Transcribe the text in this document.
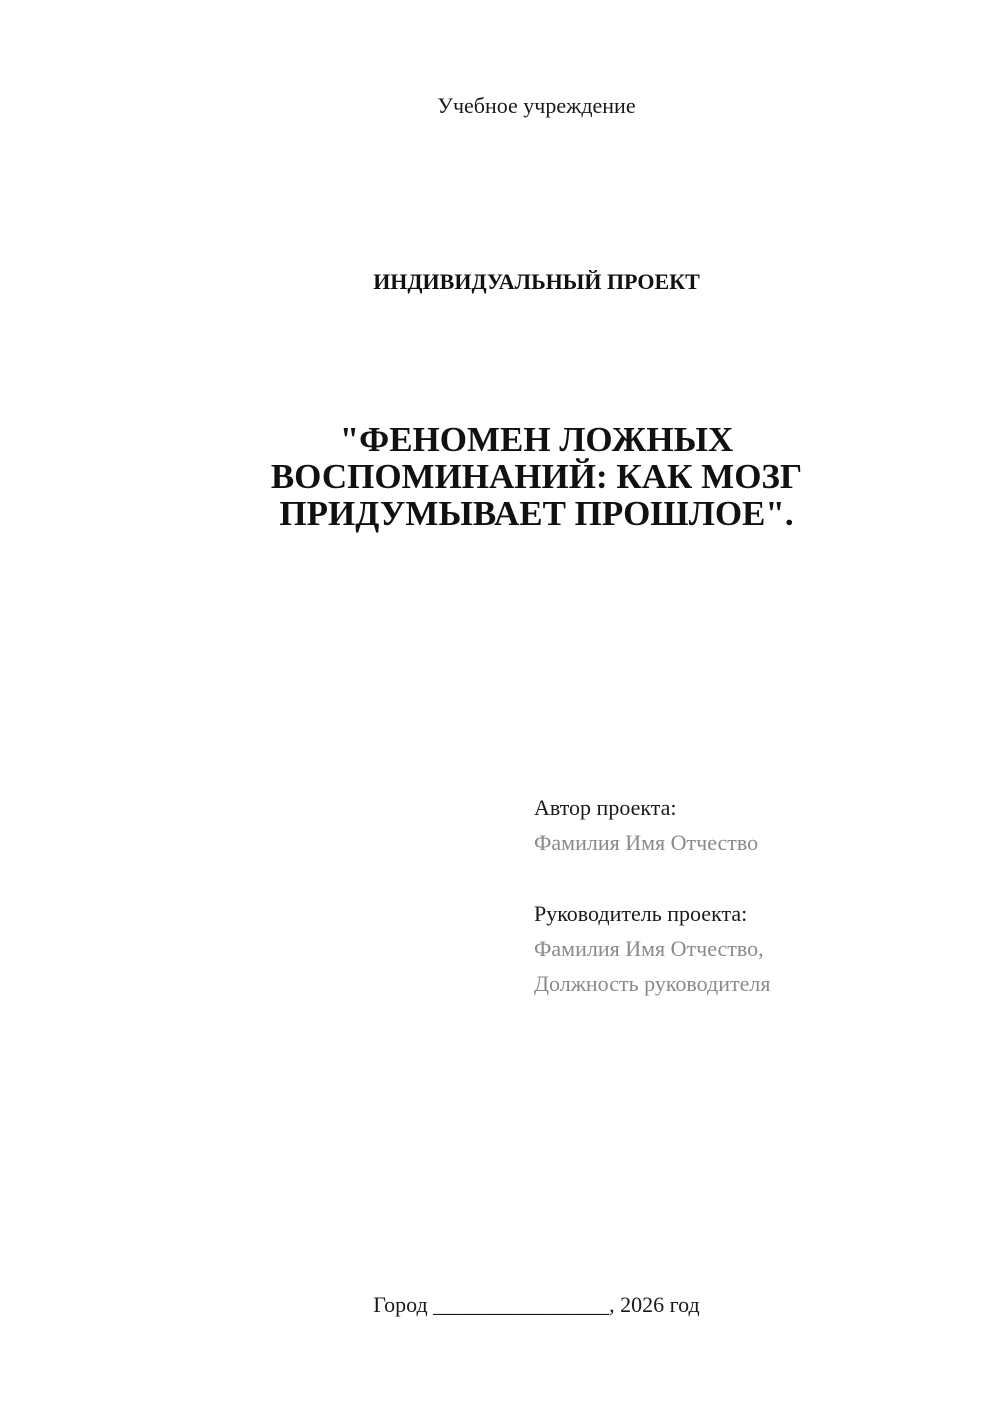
Учебное учреждение
ИНДИВИДУАЛЬНЫЙ ПРОЕКТ
"ФЕНОМЕН ЛОЖНЫХ
ВОСПОМИНАНИЙ: КАК МОЗГ
ПРИДУМЫВАЕТ ПРОШЛОЕ".
Автор проекта:
Фамилия Имя Отчество
Руководитель проекта:
Фамилия Имя Отчество,
Должность руководителя
Город ________________, 2026 год
